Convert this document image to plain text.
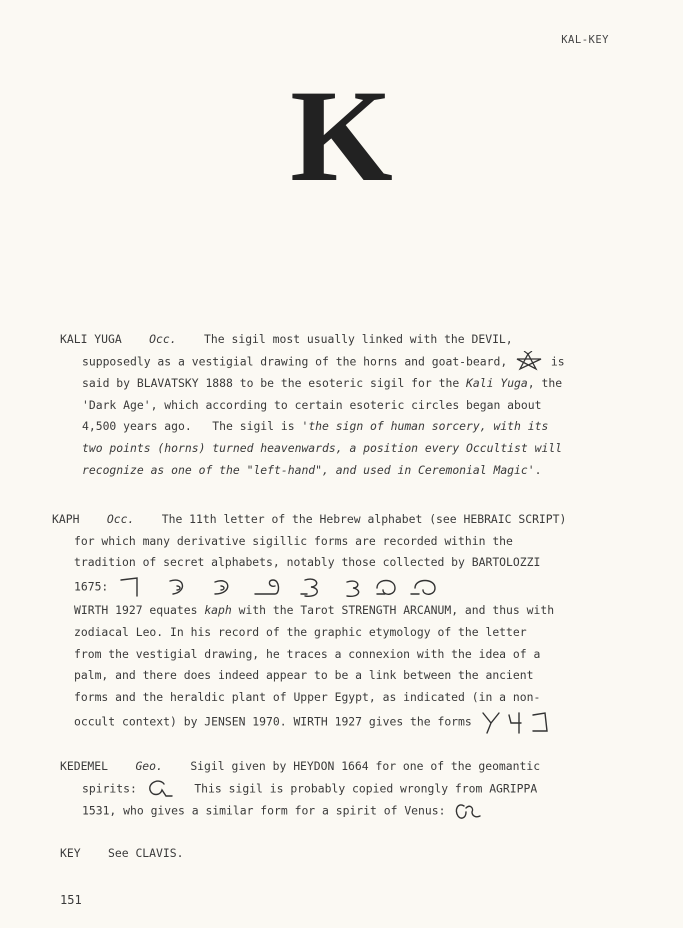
KAL-KEY
K
KALI YUGA Occ. The sigil most usually linked with the DEVIL,
supposedly as a vestigial drawing of the horns and goat-beard,	is
said by BLAVATSKY 1888 to be the esoteric sigil for the Kali Yuga, the
'Dark Age', which according to certain esoteric circles began about
4,500 years ago.   The sigil is 'the sign of human sorcery, with its
two points (horns) turned heavenwards, a position every Occultist will
recognize as one of the "left-hand", and used in Ceremonial Magic'.
KAPH Occ. The 11th letter of the Hebrew alphabet (see HEBRAIC SCRIPT)
for which many derivative sigillic forms are recorded within the
tradition of secret alphabets, notably those collected by BARTOLOZZI
1675:
WIRTH 1927 equates kaph with the Tarot STRENGTH ARCANUM, and thus with
zodiacal Leo. In his record of the graphic etymology of the letter
from the vestigial drawing, he traces a connexion with the idea of a
palm, and there does indeed appear to be a link between the ancient
forms and the heraldic plant of Upper Egypt, as indicated (in a non-
occult context) by JENSEN 1970. WIRTH 1927 gives the forms
KEDEMEL Geo. Sigil given by HEYDON 1664 for one of the geomantic
spirits:	This sigil is probably copied wrongly from AGRIPPA
1531, who gives a similar form for a spirit of Venus:
KEY See CLAVIS.
151
